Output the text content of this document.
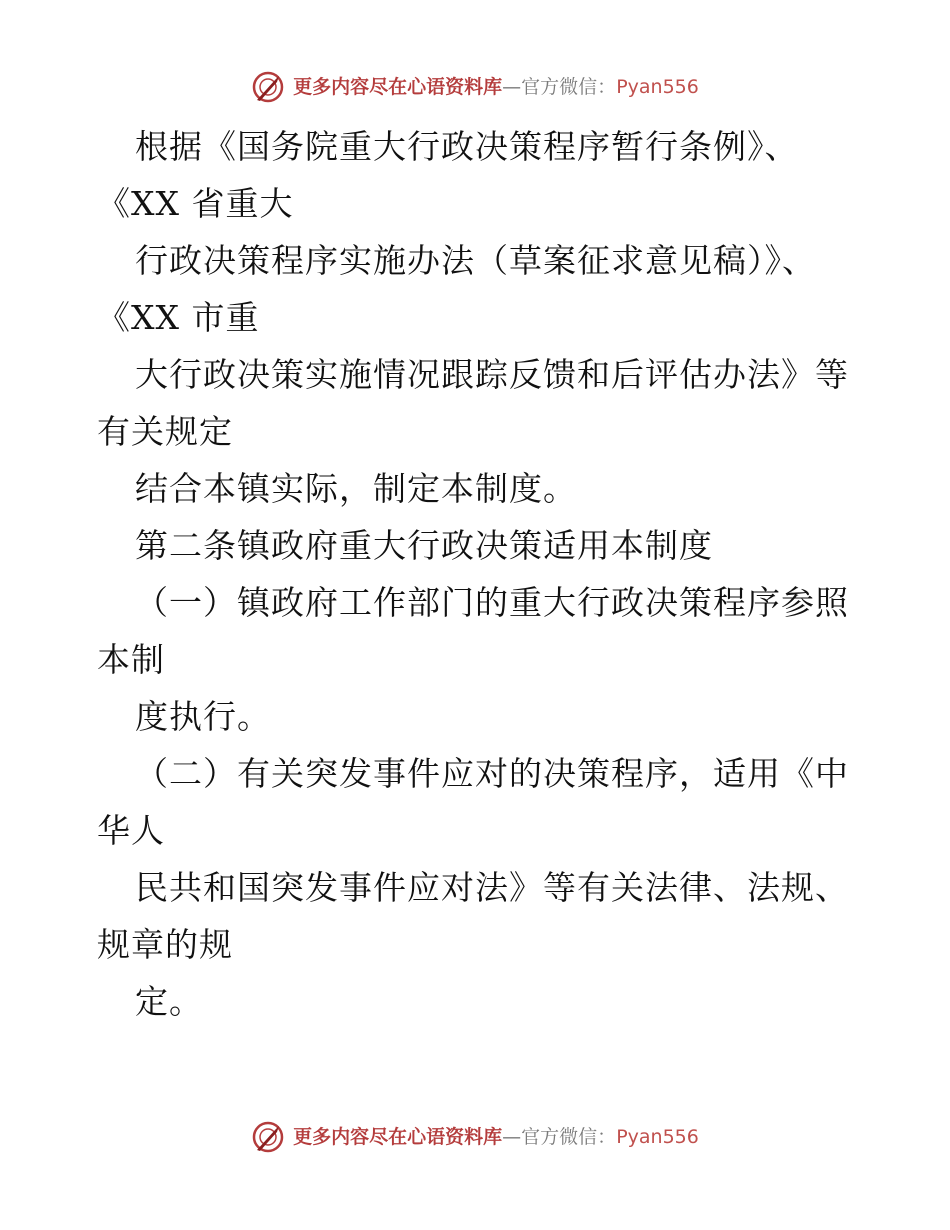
更多内容尽在心语资料库—官方微信：Pyan556
根据《国务院重大行政决策程序暂行条例》、
《XX 省重大
行政决策程序实施办法（草案征求意见稿）》、
《XX 市重
大行政决策实施情况跟踪反馈和后评估办法》等
有关规定
结合本镇实际，制定本制度。
第二条镇政府重大行政决策适用本制度
（一）镇政府工作部门的重大行政决策程序参照
本制
度执行。
（二）有关突发事件应对的决策程序，适用《中
华人
民共和国突发事件应对法》等有关法律、法规、
规章的规
定。
更多内容尽在心语资料库—官方微信：Pyan556
